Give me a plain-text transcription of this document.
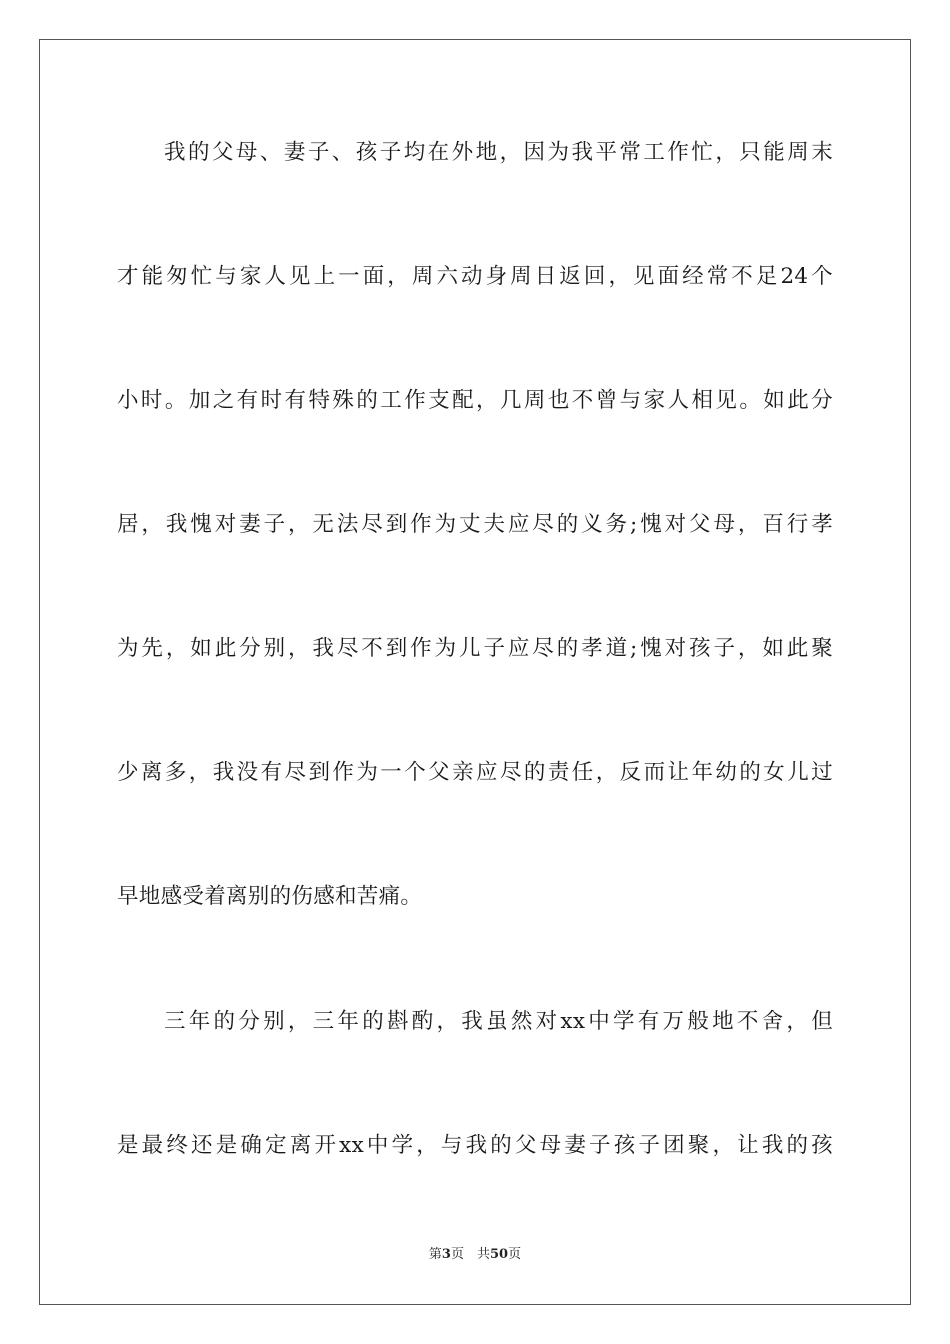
我的父母、妻子、孩子均在外地，因为我平常工作忙，只能周末
才能匆忙与家人见上一面，周六动身周日返回，见面经常不足24个
小时。加之有时有特殊的工作支配，几周也不曾与家人相见。如此分
居，我愧对妻子，无法尽到作为丈夫应尽的义务;愧对父母，百行孝
为先，如此分别，我尽不到作为儿子应尽的孝道;愧对孩子，如此聚
少离多，我没有尽到作为一个父亲应尽的责任，反而让年幼的女儿过
早地感受着离别的伤感和苦痛。
三年的分别，三年的斟酌，我虽然对xx中学有万般地不舍，但
是最终还是确定离开xx中学，与我的父母妻子孩子团聚，让我的孩
第3页　共50页
